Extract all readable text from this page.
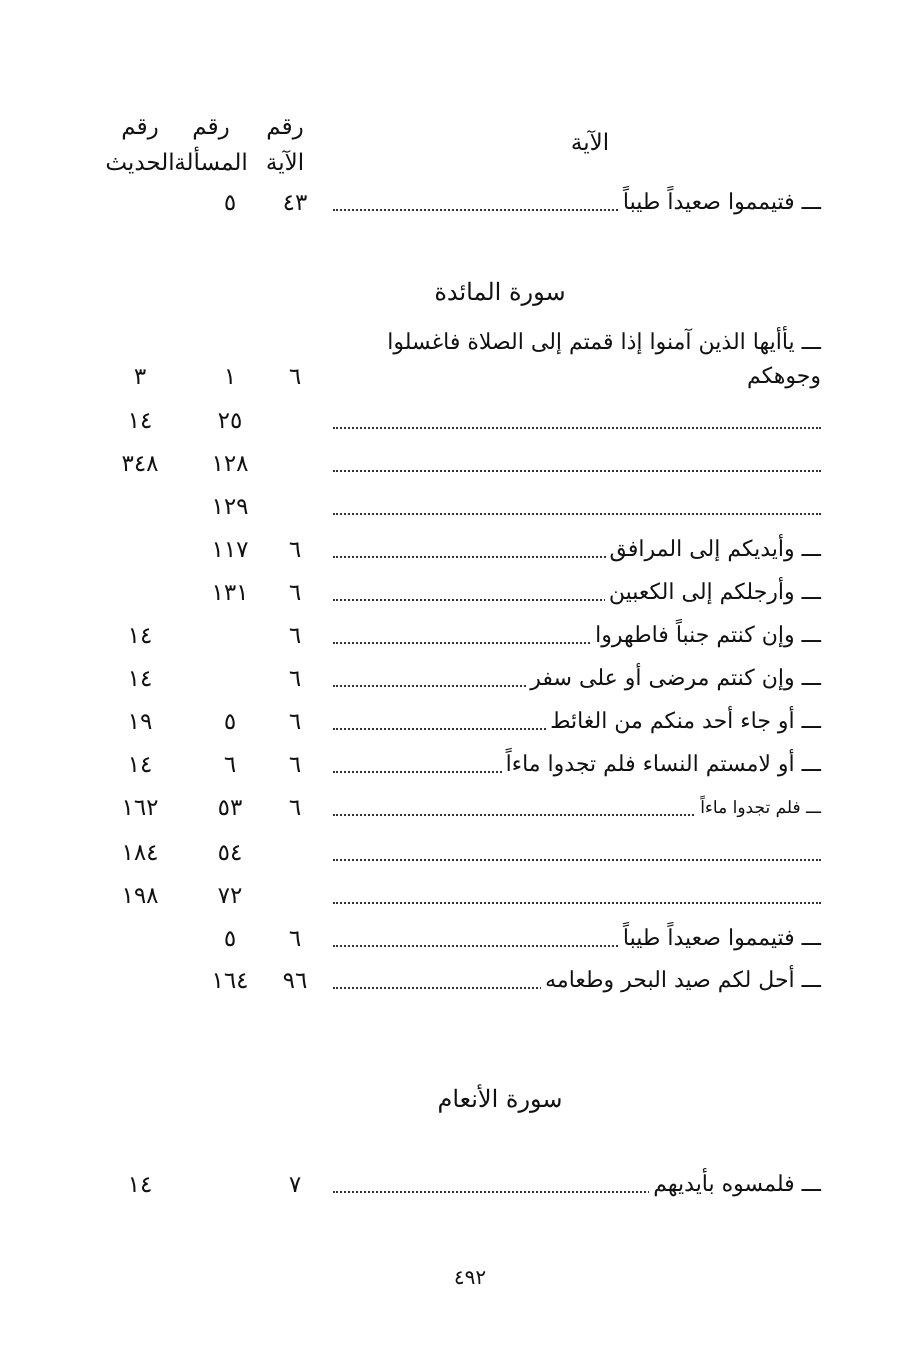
رقم
الحديث
رقم
المسألة
رقم
الآية
الآية
ـــ فتيمموا صعيداً طيباً
٤٣
٥
سورة المائدة
ـــ يأأيها الذين آمنوا إذا قمتم إلى الصلاة فاغسلوا وجوهكم
٦
١
٣
٢٥
١٤
١٢٨
٣٤٨
١٢٩
ـــ وأيديكم إلى المرافق
٦
١١٧
ـــ وأرجلكم إلى الكعبين
٦
١٣١
ـــ وإن كنتم جنباً فاطهروا
٦
١٤
ـــ وإن كنتم مرضى أو على سفر
٦
١٤
ـــ أو جاء أحد منكم من الغائط
٦
٥
١٩
ـــ أو لامستم النساء فلم تجدوا ماءاً
٦
٦
١٤
ـــ فلم تجدوا ماءاً
٦
٥٣
١٦٢
٥٤
١٨٤
٧٢
١٩٨
ـــ فتيمموا صعيداً طيباً
٦
٥
ـــ أحل لكم صيد البحر وطعامه
٩٦
١٦٤
سورة الأنعام
ـــ فلمسوه بأيديهم
٧
١٤
٤٩٢
